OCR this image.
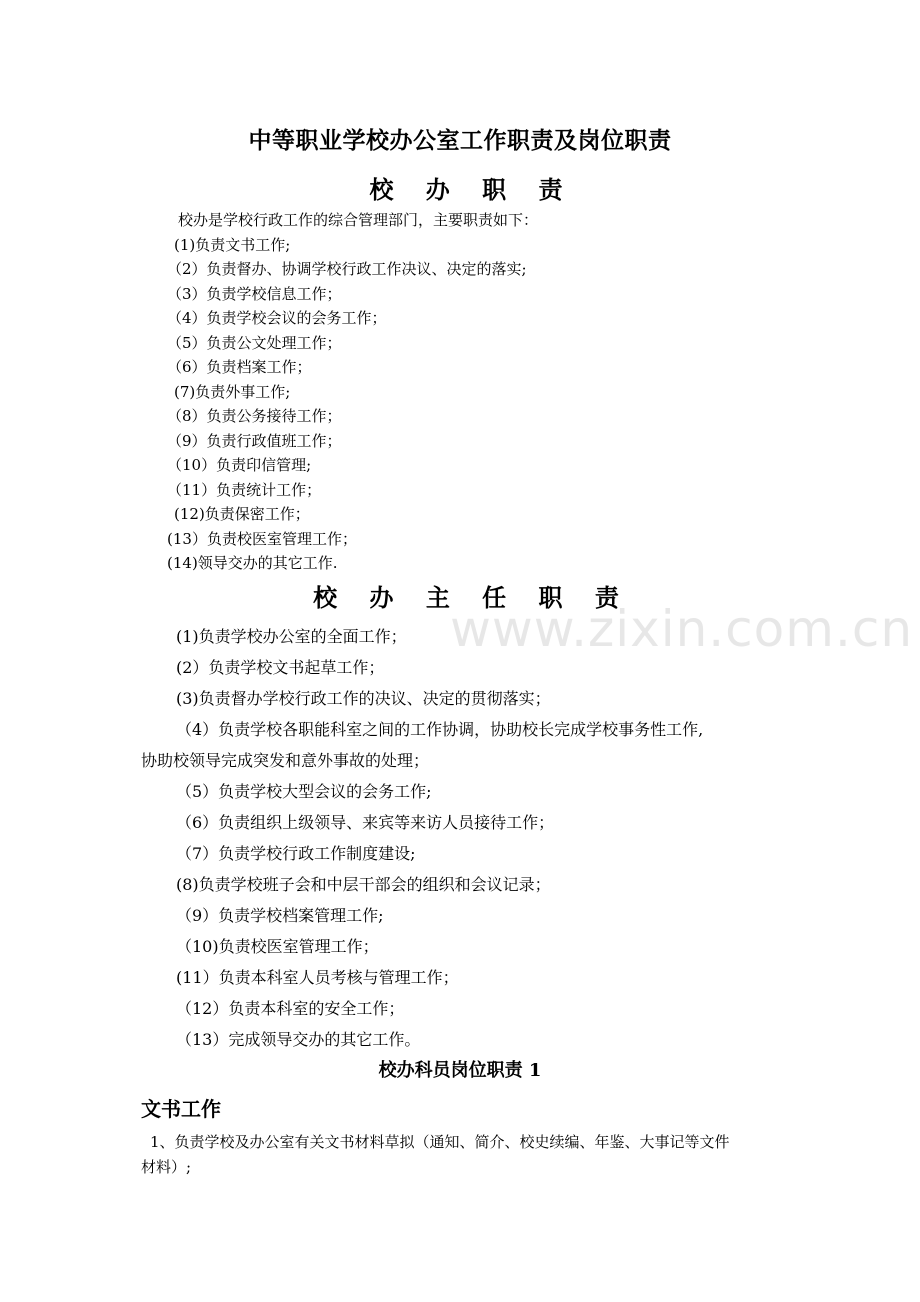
www.zixin.com.cn
中等职业学校办公室工作职责及岗位职责
校 办 职 责
校办是学校行政工作的综合管理部门，主要职责如下：
(1)负责文书工作;
（2）负责督办、协调学校行政工作决议、决定的落实;
（3）负责学校信息工作；
（4）负责学校会议的会务工作；
（5）负责公文处理工作；
（6）负责档案工作；
(7)负责外事工作;
（8）负责公务接待工作；
（9）负责行政值班工作；
（10）负责印信管理;
（11）负责统计工作；
(12)负责保密工作；
(13）负责校医室管理工作；
(14)领导交办的其它工作.
校 办 主 任 职 责
(1)负责学校办公室的全面工作；
(2）负责学校文书起草工作；
(3)负责督办学校行政工作的决议、决定的贯彻落实；
（4）负责学校各职能科室之间的工作协调，协助校长完成学校事务性工作,
协助校领导完成突发和意外事故的处理；
（5）负责学校大型会议的会务工作;
（6）负责组织上级领导、来宾等来访人员接待工作；
（7）负责学校行政工作制度建设;
(8)负责学校班子会和中层干部会的组织和会议记录；
（9）负责学校档案管理工作;
（10)负责校医室管理工作；
(11）负责本科室人员考核与管理工作；
（12）负责本科室的安全工作；
（13）完成领导交办的其它工作。
校办科员岗位职责 1
文书工作
1、负责学校及办公室有关文书材料草拟（通知、简介、校史续编、年鉴、大事记等文件
材料）;
